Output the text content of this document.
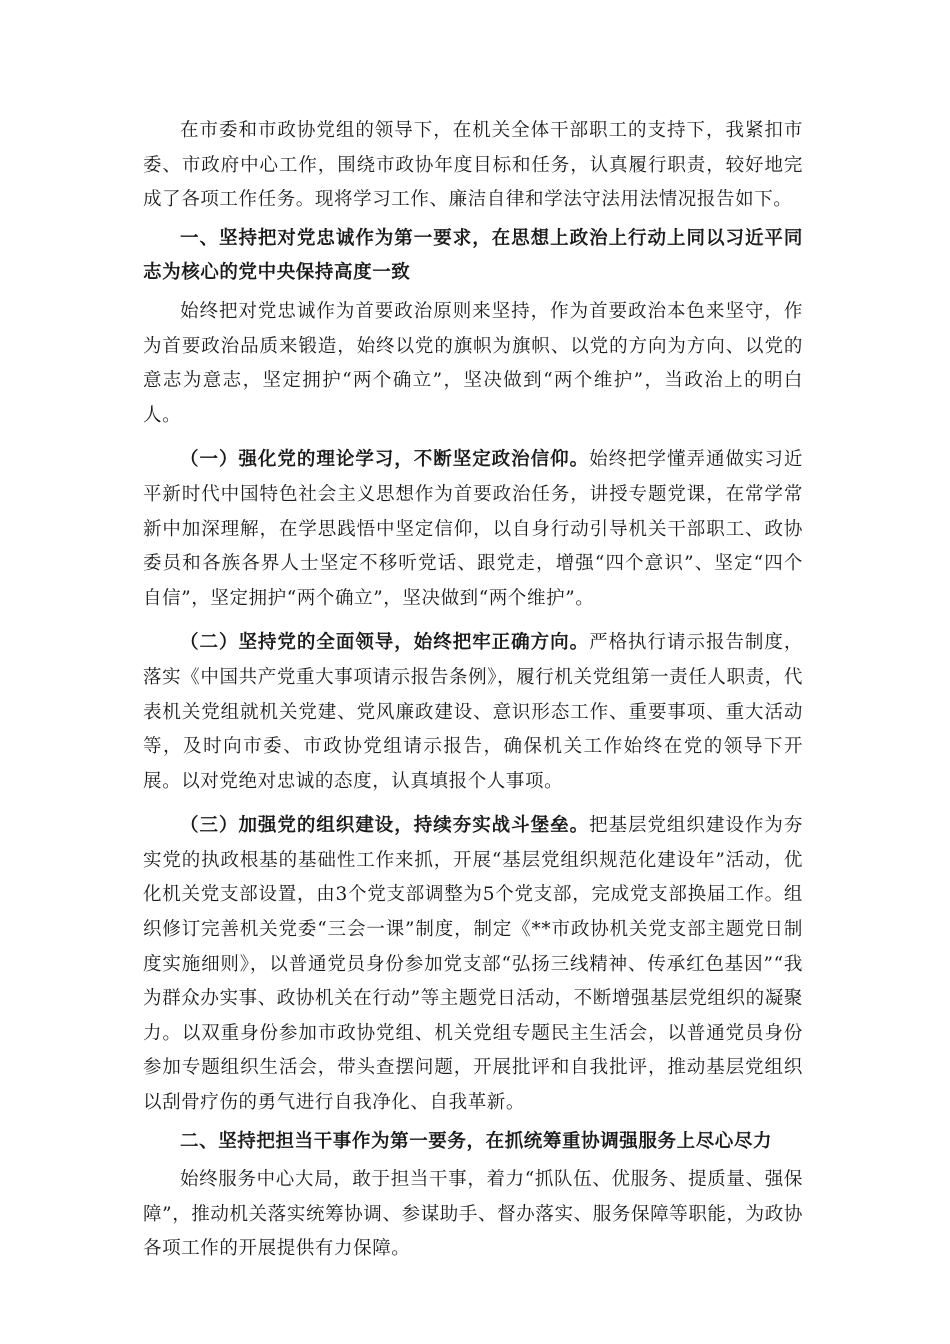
在市委和市政协党组的领导下，在机关全体干部职工的支持下，我紧扣市委、市政府中心工作，围绕市政协年度目标和任务，认真履行职责，较好地完成了各项工作任务。现将学习工作、廉洁自律和学法守法用法情况报告如下。

一、坚持把对党忠诚作为第一要求，在思想上政治上行动上同以习近平同志为核心的党中央保持高度一致

始终把对党忠诚作为首要政治原则来坚持，作为首要政治本色来坚守，作为首要政治品质来锻造，始终以党的旗帜为旗帜、以党的方向为方向、以党的意志为意志，坚定拥护“两个确立”，坚决做到“两个维护”，当政治上的明白人。

（一）强化党的理论学习，不断坚定政治信仰。始终把学懂弄通做实习近平新时代中国特色社会主义思想作为首要政治任务，讲授专题党课，在常学常新中加深理解，在学思践悟中坚定信仰，以自身行动引导机关干部职工、政协委员和各族各界人士坚定不移听党话、跟党走，增强“四个意识”、坚定“四个自信”，坚定拥护“两个确立”，坚决做到“两个维护”。

（二）坚持党的全面领导，始终把牢正确方向。严格执行请示报告制度，落实《中国共产党重大事项请示报告条例》，履行机关党组第一责任人职责，代表机关党组就机关党建、党风廉政建设、意识形态工作、重要事项、重大活动等，及时向市委、市政协党组请示报告，确保机关工作始终在党的领导下开展。以对党绝对忠诚的态度，认真填报个人事项。

（三）加强党的组织建设，持续夯实战斗堡垒。把基层党组织建设作为夯实党的执政根基的基础性工作来抓，开展“基层党组织规范化建设年”活动，优化机关党支部设置，由3个党支部调整为5个党支部，完成党支部换届工作。组织修订完善机关党委“三会一课”制度，制定《**市政协机关党支部主题党日制度实施细则》，以普通党员身份参加党支部“弘扬三线精神、传承红色基因”“我为群众办实事、政协机关在行动”等主题党日活动，不断增强基层党组织的凝聚力。以双重身份参加市政协党组、机关党组专题民主生活会，以普通党员身份参加专题组织生活会，带头查摆问题，开展批评和自我批评，推动基层党组织以刮骨疗伤的勇气进行自我净化、自我革新。

二、坚持把担当干事作为第一要务，在抓统筹重协调强服务上尽心尽力

始终服务中心大局，敢于担当干事，着力“抓队伍、优服务、提质量、强保障”，推动机关落实统筹协调、参谋助手、督办落实、服务保障等职能，为政协各项工作的开展提供有力保障。
